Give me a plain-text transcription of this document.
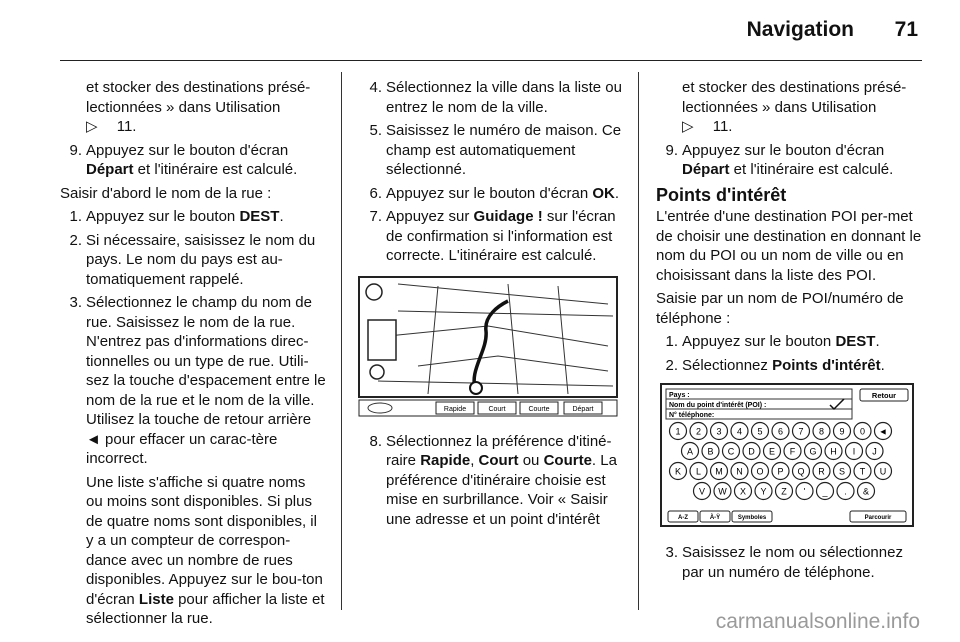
Navigation 71
et stocker des destinations présé-lectionnées » dans Utilisation
▷  11.
9. Appuyez sur le bouton d'écran
Départ et l'itinéraire est calculé.
Saisir d'abord le nom de la rue :
1. Appuyez sur le bouton DEST.
2. Si nécessaire, saisissez le nom du pays. Le nom du pays est au-tomatiquement rappelé.
3. Sélectionnez le champ du nom de rue. Saisissez le nom de la rue. N'entrez pas d'informations direc-tionnelles ou un type de rue. Utili-sez la touche d'espacement entre le nom de la rue et le nom de la ville. Utilisez la touche de retour arrière ◄ pour effacer un carac-tère incorrect.
Une liste s'affiche si quatre noms ou moins sont disponibles. Si plus de quatre noms sont disponibles, il y a un compteur de correspon-dance avec un nombre de rues disponibles. Appuyez sur le bou-ton d'écran Liste pour afficher la liste et sélectionner la rue.
4. Sélectionnez la ville dans la liste ou entrez le nom de la ville.
5. Saisissez le numéro de maison. Ce champ est automatiquement sélectionné.
6. Appuyez sur le bouton d'écran OK.
7. Appuyez sur Guidage ! sur l'écran de confirmation si l'information est correcte. L'itinéraire est calculé.
Rapide	Court	Courte	Départ
8. Sélectionnez la préférence d'itiné-raire Rapide, Court ou Courte. La préférence d'itinéraire choisie est mise en surbrillance. Voir « Saisir une adresse et un point d'intérêt
et stocker des destinations présé-lectionnées » dans Utilisation
▷  11.
9. Appuyez sur le bouton d'écran
Départ et l'itinéraire est calculé.
Points d'intérêt
L'entrée d'une destination POI per-met de choisir une destination en donnant le nom du POI ou un nom de ville ou en choisissant dans la liste des POI.
Saisie par un nom de POI/numéro de téléphone :
1. Appuyez sur le bouton DEST.
2. Sélectionnez Points d'intérêt.
Pays :
Nom du point d'intérêt (POI) :
N° téléphone:
Retour
1 2 3 4 5 6 7 8 9 0 ◄
A B C D E F G H I J
K L M N O P Q R S T U
V W X Y Z ' _ . &
A-Z	À-Ÿ	Symboles	Parcourir
3. Saisissez le nom ou sélectionnez par un numéro de téléphone.
carmanualsonline.info
